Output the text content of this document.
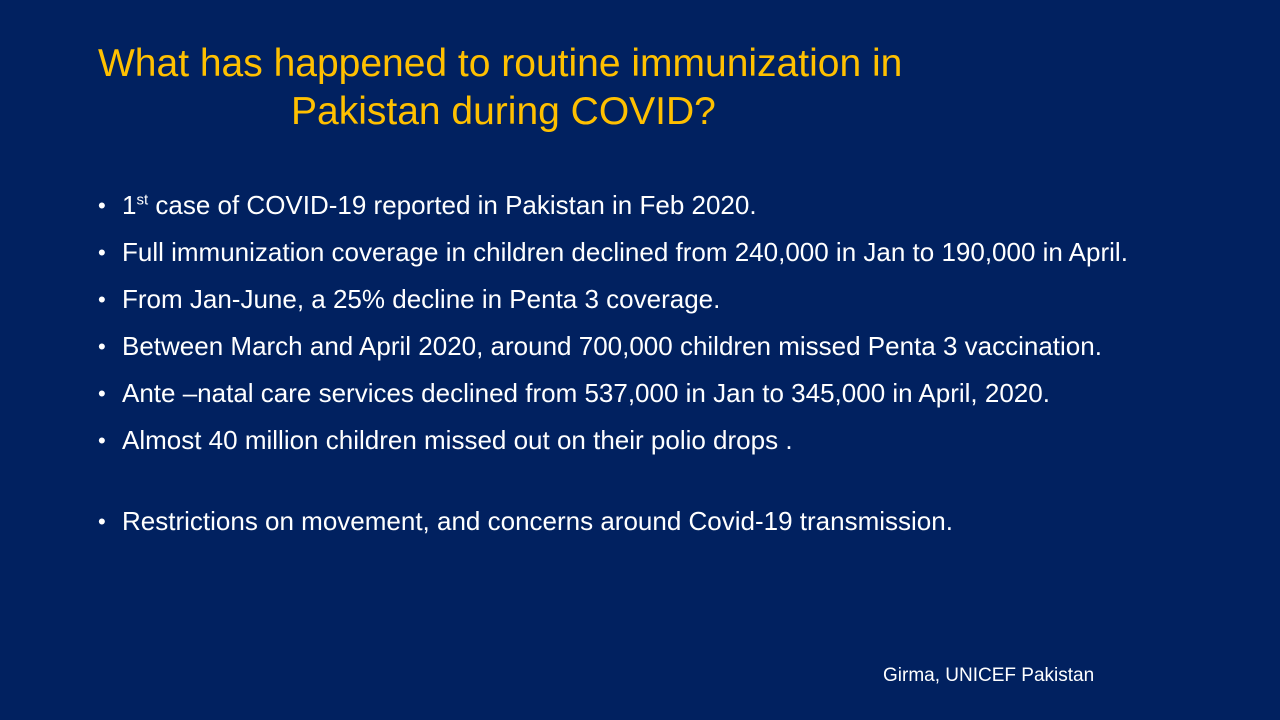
What has happened to routine immunization in
Pakistan during COVID?
• 1st case of COVID-19 reported in Pakistan in Feb 2020.
• Full immunization coverage in children declined from 240,000 in Jan to 190,000 in April.
• From Jan-June, a 25% decline in Penta 3 coverage.
• Between March and April 2020, around 700,000 children missed Penta 3 vaccination.
• Ante –natal care services declined from 537,000 in Jan to 345,000 in April, 2020.
• Almost 40 million children missed out on their polio drops .
• Restrictions on movement, and concerns around Covid-19 transmission.

Girma, UNICEF Pakistan
